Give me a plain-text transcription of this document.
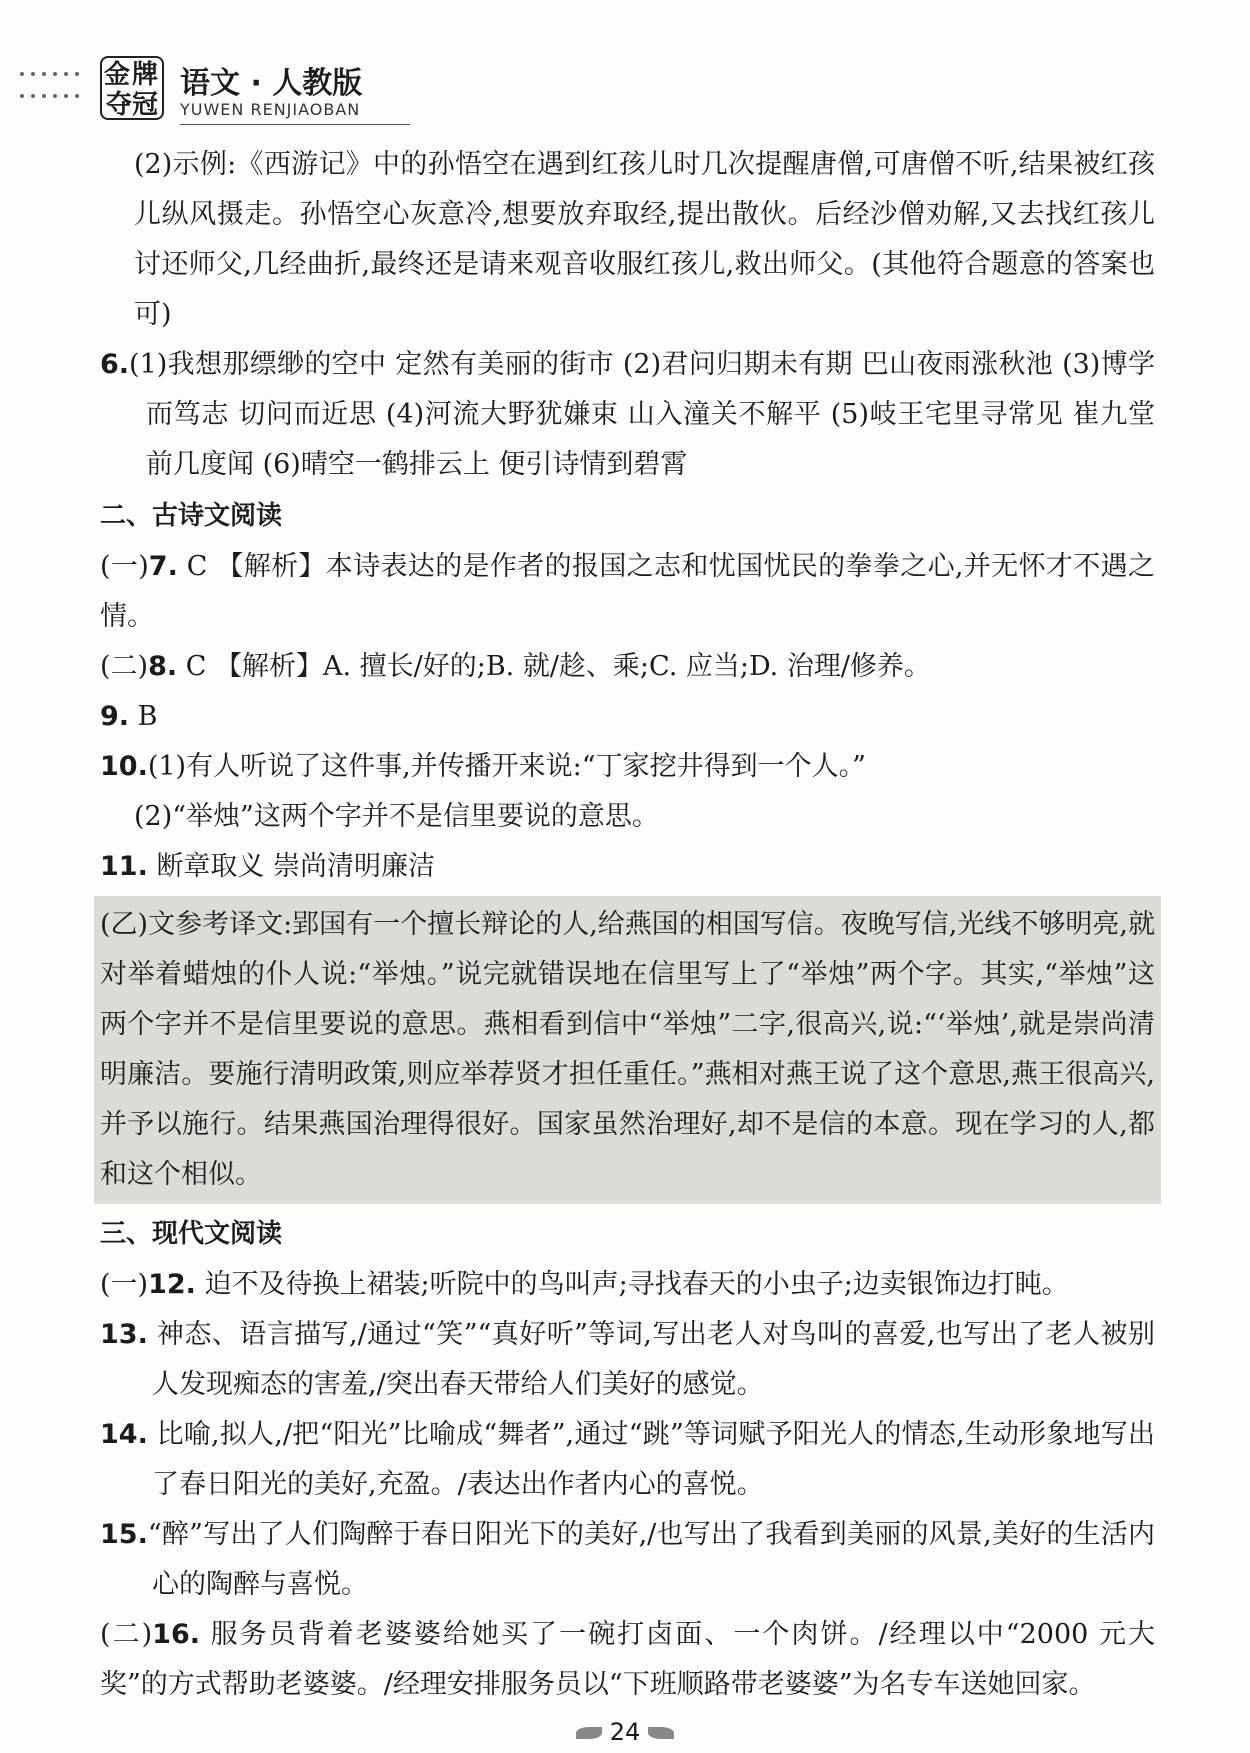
金牌
夺冠
语文 · 人教版
YUWEN RENJIAOBAN

(2)示例:《西游记》中的孙悟空在遇到红孩儿时几次提醒唐僧,可唐僧不听,结果被红孩儿纵风摄走。孙悟空心灰意冷,想要放弃取经,提出散伙。后经沙僧劝解,又去找红孩儿讨还师父,几经曲折,最终还是请来观音收服红孩儿,救出师父。(其他符合题意的答案也可)

6.(1)我想那缥缈的空中 定然有美丽的街市 (2)君问归期未有期 巴山夜雨涨秋池 (3)博学而笃志 切问而近思 (4)河流大野犹嫌束 山入潼关不解平 (5)岐王宅里寻常见 崔九堂前几度闻 (6)晴空一鹤排云上 便引诗情到碧霄

二、古诗文阅读

(一)7. C 【解析】本诗表达的是作者的报国之志和忧国忧民的拳拳之心,并无怀才不遇之情。

(二)8. C 【解析】A. 擅长/好的;B. 就/趁、乘;C. 应当;D. 治理/修养。

9. B

10.(1)有人听说了这件事,并传播开来说:“丁家挖井得到一个人。”

(2)“举烛”这两个字并不是信里要说的意思。

11. 断章取义 崇尚清明廉洁

(乙)文参考译文:郢国有一个擅长辩论的人,给燕国的相国写信。夜晚写信,光线不够明亮,就对举着蜡烛的仆人说:“举烛。”说完就错误地在信里写上了“举烛”两个字。其实,“举烛”这两个字并不是信里要说的意思。燕相看到信中“举烛”二字,很高兴,说:“‘举烛’,就是崇尚清明廉洁。要施行清明政策,则应举荐贤才担任重任。”燕相对燕王说了这个意思,燕王很高兴,并予以施行。结果燕国治理得很好。国家虽然治理好,却不是信的本意。现在学习的人,都和这个相似。

三、现代文阅读

(一)12. 迫不及待换上裙装;听院中的鸟叫声;寻找春天的小虫子;边卖银饰边打盹。

13. 神态、语言描写,/通过“笑”“真好听”等词,写出老人对鸟叫的喜爱,也写出了老人被别人发现痴态的害羞,/突出春天带给人们美好的感觉。

14. 比喻,拟人,/把“阳光”比喻成“舞者”,通过“跳”等词赋予阳光人的情态,生动形象地写出了春日阳光的美好,充盈。/表达出作者内心的喜悦。

15.“醉”写出了人们陶醉于春日阳光下的美好,/也写出了我看到美丽的风景,美好的生活内心的陶醉与喜悦。

(二)16. 服务员背着老婆婆给她买了一碗打卤面、一个肉饼。/经理以中“2000 元大奖”的方式帮助老婆婆。/经理安排服务员以“下班顺路带老婆婆”为名专车送她回家。

24
